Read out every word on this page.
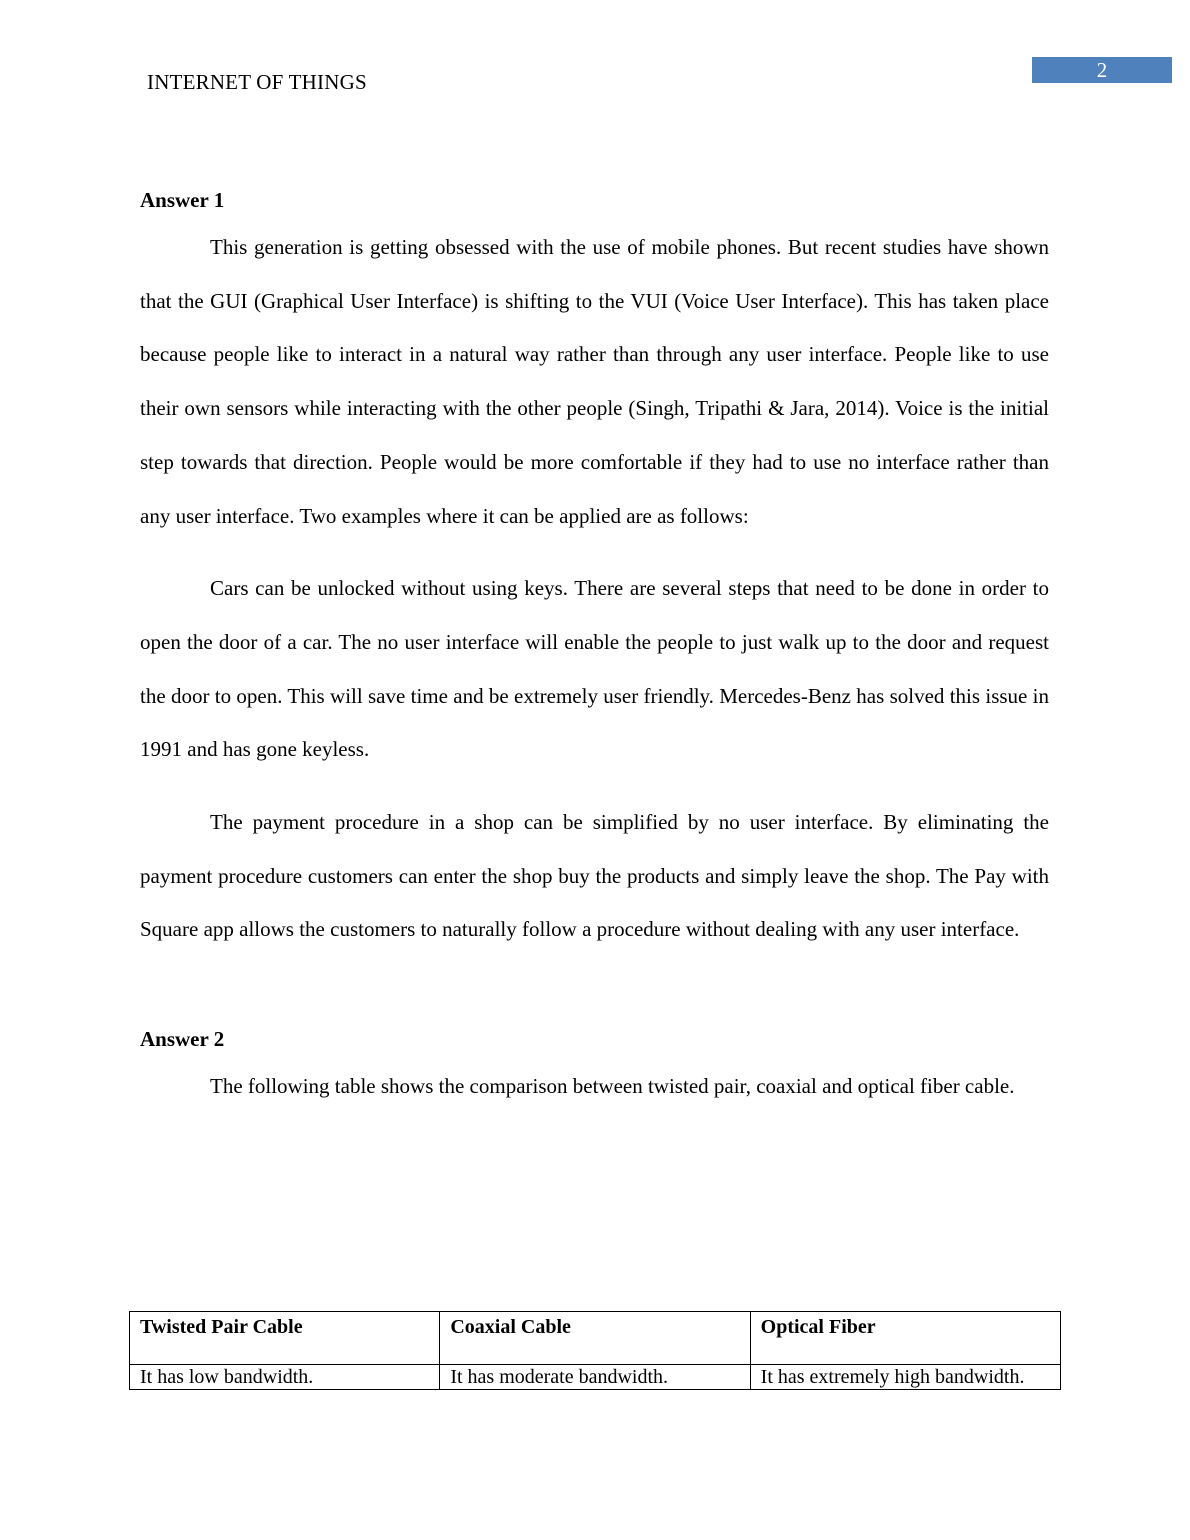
INTERNET OF THINGS	2
Answer 1

This generation is getting obsessed with the use of mobile phones. But recent studies have shown that the GUI (Graphical User Interface) is shifting to the VUI (Voice User Interface). This has taken place because people like to interact in a natural way rather than through any user interface. People like to use their own sensors while interacting with the other people (Singh, Tripathi & Jara, 2014). Voice is the initial step towards that direction. People would be more comfortable if they had to use no interface rather than any user interface. Two examples where it can be applied are as follows:

Cars can be unlocked without using keys. There are several steps that need to be done in order to open the door of a car. The no user interface will enable the people to just walk up to the door and request the door to open. This will save time and be extremely user friendly. Mercedes-Benz has solved this issue in 1991 and has gone keyless.

The payment procedure in a shop can be simplified by no user interface. By eliminating the payment procedure customers can enter the shop buy the products and simply leave the shop. The Pay with Square app allows the customers to naturally follow a procedure without dealing with any user interface.

Answer 2

The following table shows the comparison between twisted pair, coaxial and optical fiber cable.

Twisted Pair Cable	Coaxial Cable	Optical Fiber
It has low bandwidth.	It has moderate bandwidth.	It has extremely high bandwidth.
